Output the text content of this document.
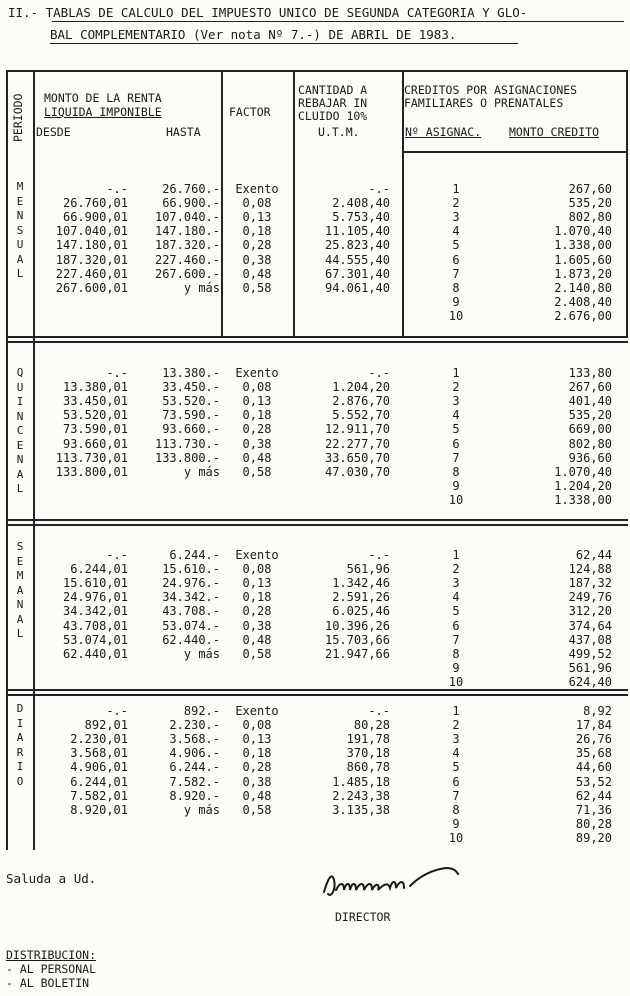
II.- TABLAS DE CALCULO DEL IMPUESTO UNICO DE SEGUNDA CATEGORIA Y GLO-
BAL COMPLEMENTARIO (Ver nota Nº 7.-) DE ABRIL DE 1983.
PERIODO MONTO DE LA RENTA
LIQUIDA IMPONIBLE
DESDE	HASTA
FACTOR
CANTIDAD A
REBAJAR IN
CLUIDO 10%
U.T.M.
CREDITOS POR ASIGNACIONES
FAMILIARES O PRENATALES
Nº ASIGNAC. MONTO CREDITO
M
E
N
S
U
A
L
-.-
26.760,01
66.900,01
107.040,01
147.180,01
187.320,01
227.460,01
267.600,01
26.760.-
66.900.-
107.040.-
147.180.-
187.320.-
227.460.-
267.600.-
y más
Exento
0,08
0,13
0,18
0,28
0,38
0,48
0,58
-.-
2.408,40
5.753,40
11.105,40
25.823,40
44.555,40
67.301,40
94.061,40
1
2
3
4
5
6
7
8
9
10
267,60
535,20
802,80
1.070,40
1.338,00
1.605,60
1.873,20
2.140,80
2.408,40
2.676,00
Q
U
I
N
C
E
N
A
L
-.-
13.380,01
33.450,01
53.520,01
73.590,01
93.660,01
113.730,01
133.800,01
13.380.-
33.450.-
53.520.-
73.590.-
93.660.-
113.730.-
133.800.-
y más
Exento
0,08
0,13
0,18
0,28
0,38
0,48
0,58
-.-
1.204,20
2.876,70
5.552,70
12.911,70
22.277,70
33.650,70
47.030,70
1
2
3
4
5
6
7
8
9
10
133,80
267,60
401,40
535,20
669,00
802,80
936,60
1.070,40
1.204,20
1.338,00
S
E
M
A
N
A
L
-.-
6.244,01
15.610,01
24.976,01
34.342,01
43.708,01
53.074,01
62.440,01
6.244.-
15.610.-
24.976.-
34.342.-
43.708.-
53.074.-
62.440.-
y más
Exento
0,08
0,13
0,18
0,28
0,38
0,48
0,58
-.-
561,96
1.342,46
2.591,26
6.025,46
10.396,26
15.703,66
21.947,66
1
2
3
4
5
6
7
8
9
10
62,44
124,88
187,32
249,76
312,20
374,64
437,08
499,52
561,96
624,40
D
I
A
R
I
O
-.-
892,01
2.230,01
3.568,01
4.906,01
6.244,01
7.582,01
8.920,01
892.-
2.230.-
3.568.-
4.906.-
6.244.-
7.582.-
8.920.-
y más
Exento
0,08
0,13
0,18
0,28
0,38
0,48
0,58
-.-
80,28
191,78
370,18
860,78
1.485,18
2.243,38
3.135,38
1
2
3
4
5
6
7
8
9
10
8,92
17,84
26,76
35,68
44,60
53,52
62,44
71,36
80,28
89,20
Saluda a Ud.
DIRECTOR
DISTRIBUCION:
- AL PERSONAL
- AL BOLETIN
